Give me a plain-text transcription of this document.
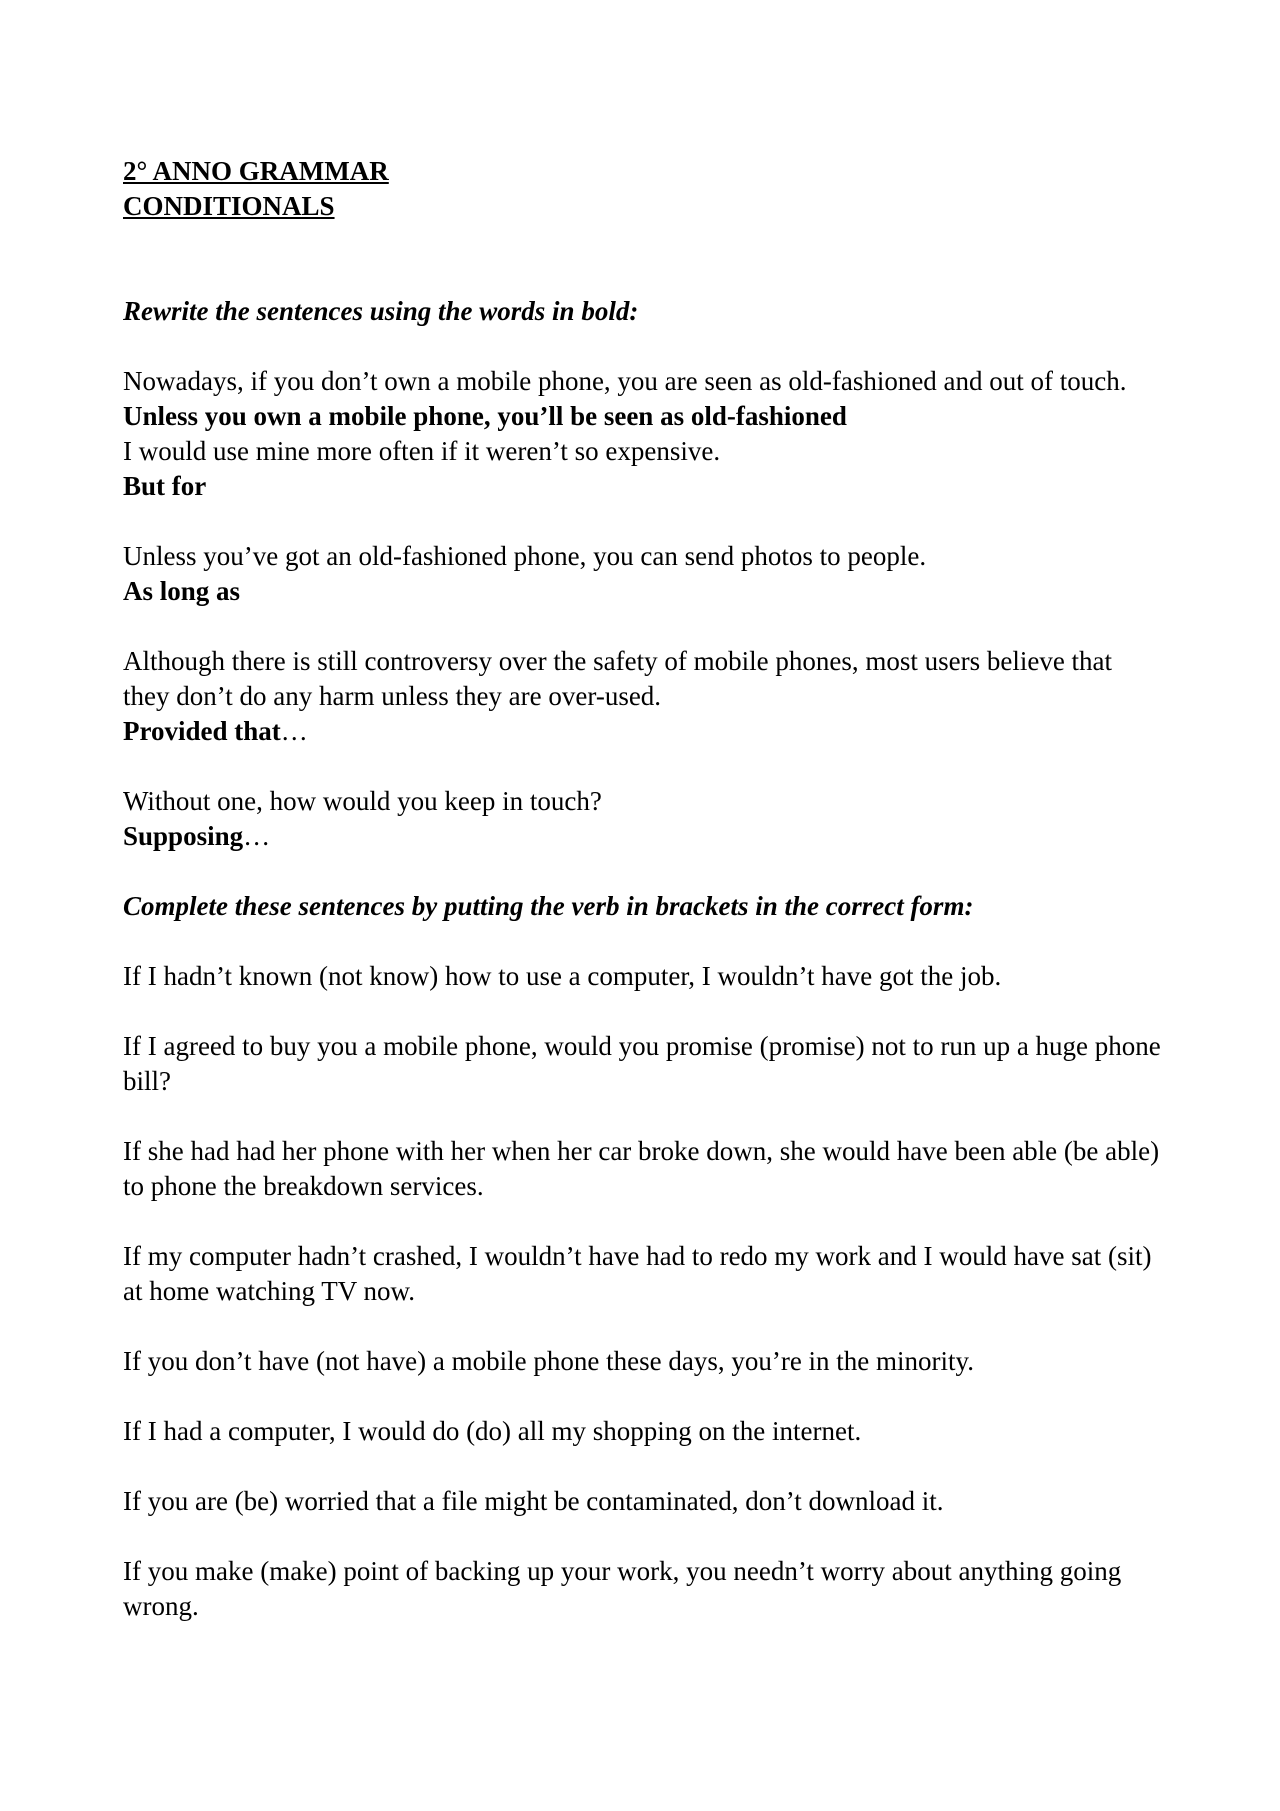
2° ANNO GRAMMAR
CONDITIONALS

Rewrite the sentences using the words in bold:

Nowadays, if you don’t own a mobile phone, you are seen as old-fashioned and out of touch.

Unless you own a mobile phone, you’ll be seen as old-fashioned

I would use mine more often if it weren’t so expensive.

But for

Unless you’ve got an old-fashioned phone, you can send photos to people.

As long as

Although there is still controversy over the safety of mobile phones, most users believe that they don’t do any harm unless they are over-used.

Provided that…

Without one, how would you keep in touch?

Supposing…

Complete these sentences by putting the verb in brackets in the correct form:

If I hadn’t known (not know) how to use a computer, I wouldn’t have got the job.

If I agreed to buy you a mobile phone, would you promise (promise) not to run up a huge phone bill?

If she had had her phone with her when her car broke down, she would have been able (be able) to phone the breakdown services.

If my computer hadn’t crashed, I wouldn’t have had to redo my work and I would have sat (sit) at home watching TV now.

If you don’t have (not have) a mobile phone these days, you’re in the minority.

If I had a computer, I would do (do) all my shopping on the internet.

If you are (be) worried that a file might be contaminated, don’t download it.

If you make (make) point of backing up your work, you needn’t worry about anything going wrong.
